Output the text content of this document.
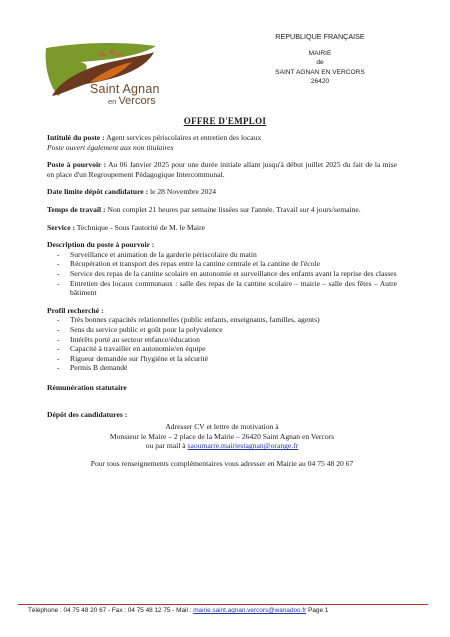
Saint Agnan
en Vercors
REPUBLIQUE FRANÇAISE
MAIRIE
de
SAINT AGNAN EN VERCORS
26420
OFFRE D'EMPLOI

Intitulé du poste : Agent services périscolaires et entretien des locaux

Poste ouvert également aux non titulaires

Poste à pourvoir : Au 06 Janvier 2025 pour une durée initiale allant jusqu'à début juillet 2025 du fait de la mise en place d'un Regroupement Pédagogique Intercommunal.

Date limite dépôt candidature : le 28 Novembre 2024

Temps de travail : Non complet 21 heures par semaine lissées sur l'année. Travail sur 4 jours/semaine.

Service : Technique - Sous l'autorité de M. le Maire

Description du poste à pourvoir :

- Surveillance et animation de la garderie périscolaire du matin
- Récupération et transport des repas entre la cantine centrale et la cantine de l'école
- Service des repas de la cantine scolaire en autonomie et surveillance des enfants avant la reprise des classes
- Entretien des locaux communaux : salle des repas de la cantine scolaire – mairie – salle des fêtes – Autre bâtiment

Profil recherché :

- Très bonnes capacités relationnelles (public enfants, enseignants, familles, agents)
- Sens du service public et goût pour la polyvalence
- Intérêts porté au secteur enfance/éducation
- Capacité à travailler en autonomie/en équipe
- Rigueur demandée sur l'hygiène et la sécurité
- Permis B demandé

Rémunération statutaire

Dépôt des candidatures :

Adresser CV et lettre de motivation à

Monsieur le Maire – 2 place de la Mairie – 26420 Saint Agnan en Vercors

ou par mail à saoumarre.mairiestagnan@orange.fr

Pour tous renseignements complémentaires vous adresser en Mairie au 04 75 48 20 67

Téléphone : 04 75 48 20 67 - Fax : 04 75 48 12 75 - Mail : mairie.saint.agnan.vercors@wanadoo.fr Page 1
